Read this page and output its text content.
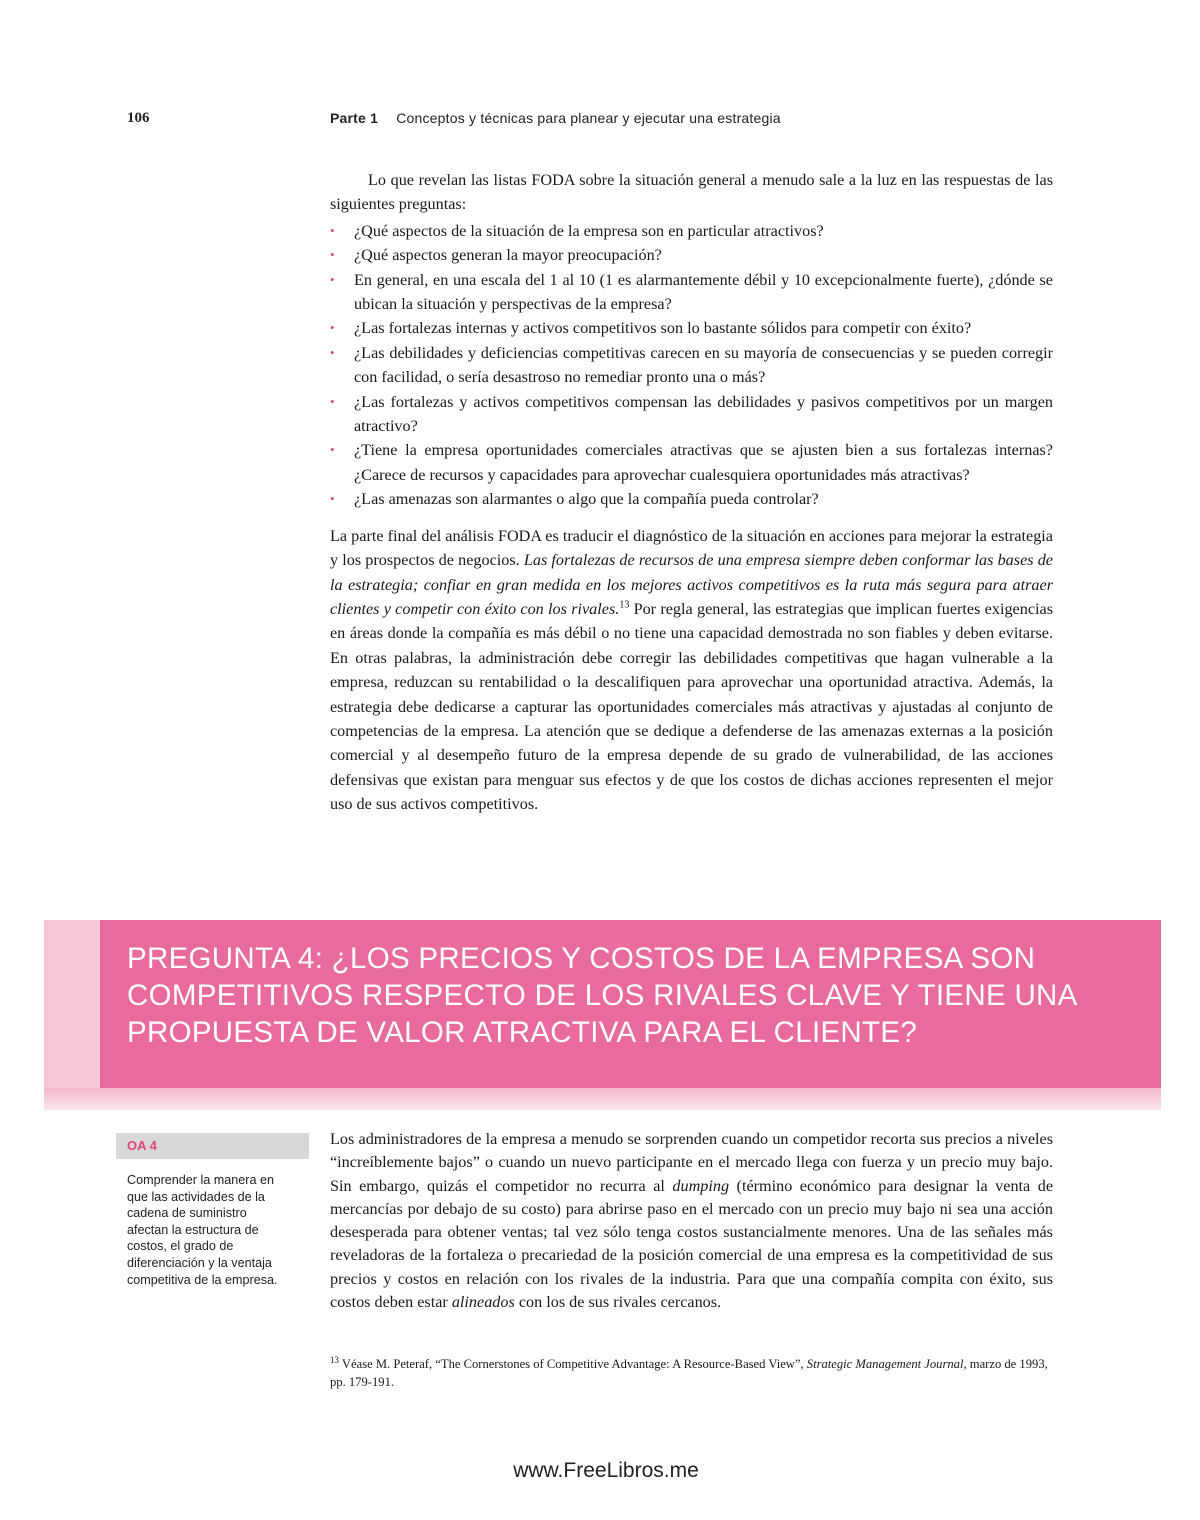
106	Parte 1 Conceptos y técnicas para planear y ejecutar una estrategia

Lo que revelan las listas FODA sobre la situación general a menudo sale a la luz en las respuestas de las siguientes preguntas:

• ¿Qué aspectos de la situación de la empresa son en particular atractivos?
• ¿Qué aspectos generan la mayor preocupación?
• En general, en una escala del 1 al 10 (1 es alarmantemente débil y 10 excepcionalmente fuerte), ¿dónde se ubican la situación y perspectivas de la empresa?
• ¿Las fortalezas internas y activos competitivos son lo bastante sólidos para competir con éxito?
• ¿Las debilidades y deficiencias competitivas carecen en su mayoría de consecuencias y se pueden corregir con facilidad, o sería desastroso no remediar pronto una o más?
• ¿Las fortalezas y activos competitivos compensan las debilidades y pasivos competitivos por un margen atractivo?
• ¿Tiene la empresa oportunidades comerciales atractivas que se ajusten bien a sus fortalezas internas? ¿Carece de recursos y capacidades para aprovechar cualesquiera oportunidades más atractivas?
• ¿Las amenazas son alarmantes o algo que la compañía pueda controlar?

La parte final del análisis FODA es traducir el diagnóstico de la situación en acciones para mejorar la estrategia y los prospectos de negocios. Las fortalezas de recursos de una empresa siempre deben conformar las bases de la estrategia; confiar en gran medida en los mejores activos competitivos es la ruta más segura para atraer clientes y competir con éxito con los rivales.$^{13}$ Por regla general, las estrategias que implican fuertes exigencias en áreas donde la compañía es más débil o no tiene una capacidad demostrada no son fiables y deben evitarse. En otras palabras, la administración debe corregir las debilidades competitivas que hagan vulnerable a la empresa, reduzcan su rentabilidad o la descalifiquen para aprovechar una oportunidad atractiva. Además, la estrategia debe dedicarse a capturar las oportunidades comerciales más atractivas y ajustadas al conjunto de competencias de la empresa. La atención que se dedique a defenderse de las amenazas externas a la posición comercial y al desempeño futuro de la empresa depende de su grado de vulnerabilidad, de las acciones defensivas que existan para menguar sus efectos y de que los costos de dichas acciones representen el mejor uso de sus activos competitivos.

PREGUNTA 4: ¿LOS PRECIOS Y COSTOS DE LA EMPRESA SON COMPETITIVOS RESPECTO DE LOS RIVALES CLAVE Y TIENE UNA PROPUESTA DE VALOR ATRACTIVA PARA EL CLIENTE?
OA 4
Comprender la manera en que las actividades de la cadena de suministro afectan la estructura de costos, el grado de diferenciación y la ventaja competitiva de la empresa.

Los administradores de la empresa a menudo se sorprenden cuando un competidor recorta sus precios a niveles “increíblemente bajos” o cuando un nuevo participante en el mercado llega con fuerza y un precio muy bajo. Sin embargo, quizás el competidor no recurra al dumping (término económico para designar la venta de mercancías por debajo de su costo) para abrirse paso en el mercado con un precio muy bajo ni sea una acción desesperada para obtener ventas; tal vez sólo tenga costos sustancialmente menores. Una de las señales más reveladoras de la fortaleza o precariedad de la posición comercial de una empresa es la competitividad de sus precios y costos en relación con los rivales de la industria. Para que una compañía compita con éxito, sus costos deben estar alineados con los de sus rivales cercanos.

$^{13}$ Véase M. Peteraf, “The Cornerstones of Competitive Advantage: A Resource-Based View”, Strategic Management Journal, marzo de 1993, pp. 179-191.

www.FreeLibros.me
